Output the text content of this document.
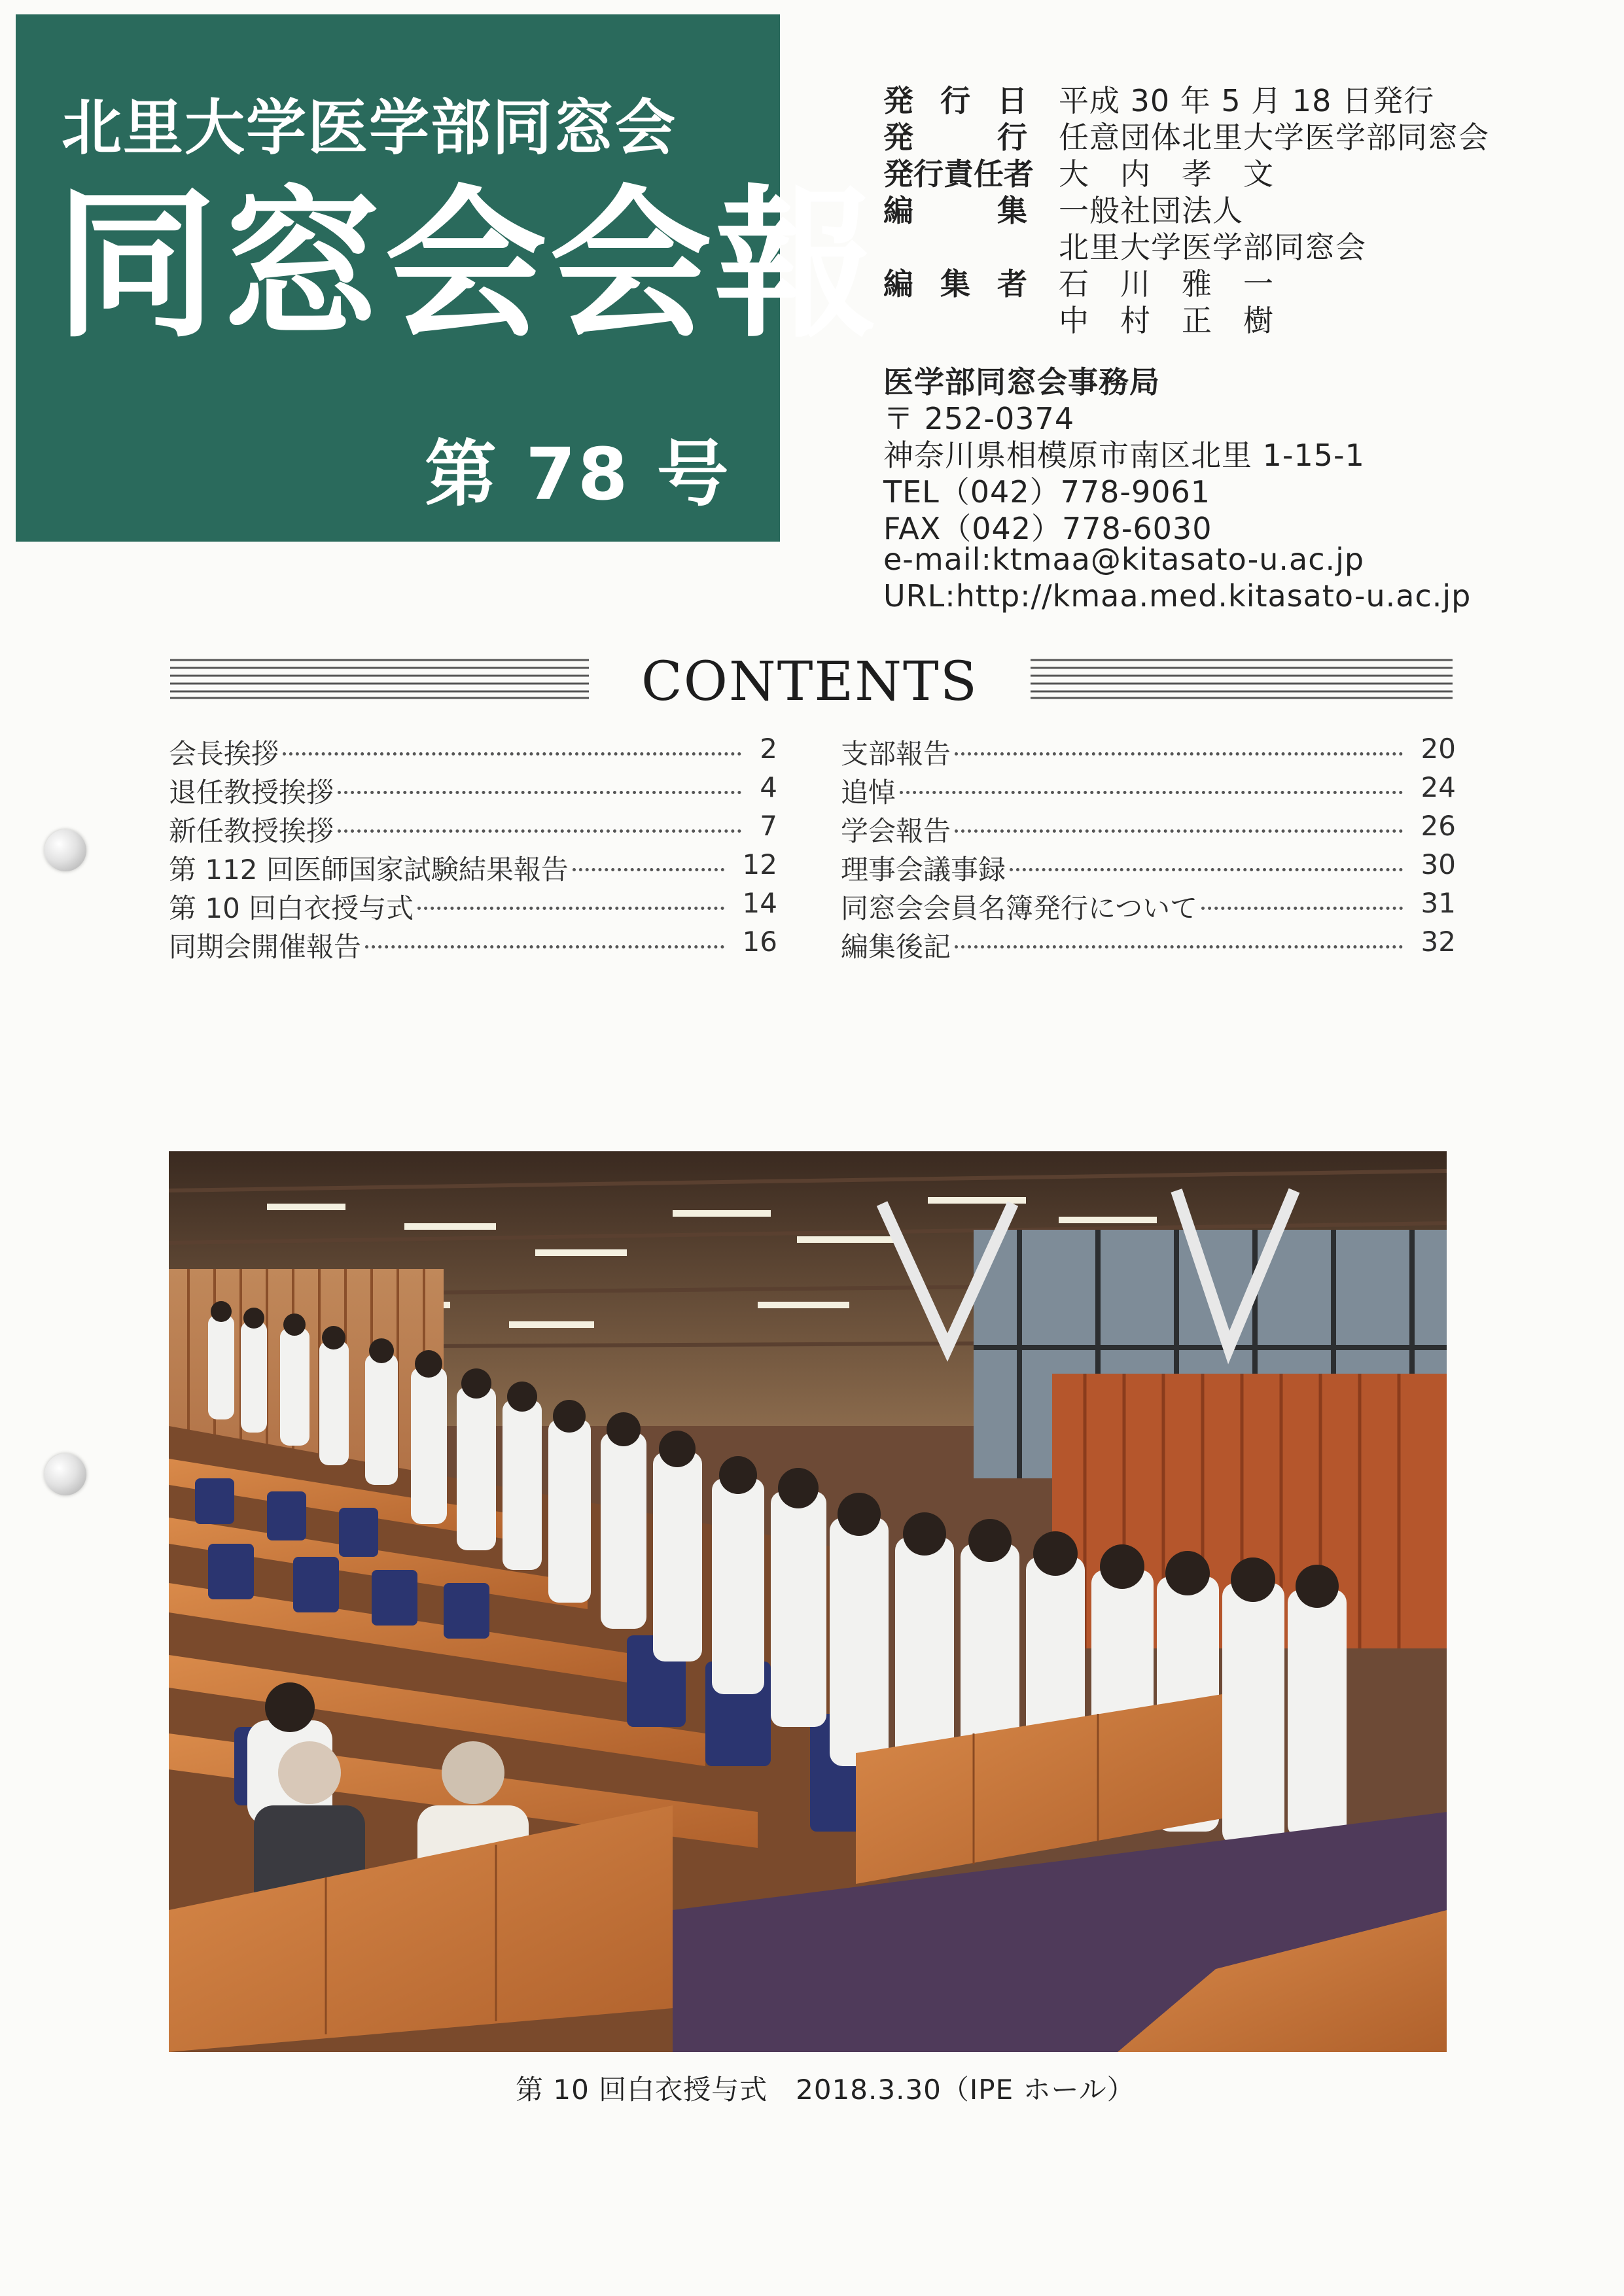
北里大学医学部同窓会
同窓会会報
第 78 号
発行日 平成 30 年 5 月 18 日発行
発行 任意団体北里大学医学部同窓会
発行責任者 大　内　孝　文
編集 一般社団法人
北里大学医学部同窓会
編集者 石　川　雅　一
中　村　正　樹
医学部同窓会事務局
〒 252-0374
神奈川県相模原市南区北里 1-15-1
TEL（042）778-9061
FAX（042）778-6030
e-mail:ktmaa@kitasato-u.ac.jp
URL:http://kmaa.med.kitasato-u.ac.jp
CONTENTS
会長挨拶	2
退任教授挨拶	4
新任教授挨拶	7
第 112 回医師国家試験結果報告	12
第 10 回白衣授与式	14
同期会開催報告	16
支部報告	20
追悼	24
学会報告	26
理事会議事録	30
同窓会会員名簿発行について	31
編集後記	32
第 10 回白衣授与式　2018.3.30（IPE ホール）
